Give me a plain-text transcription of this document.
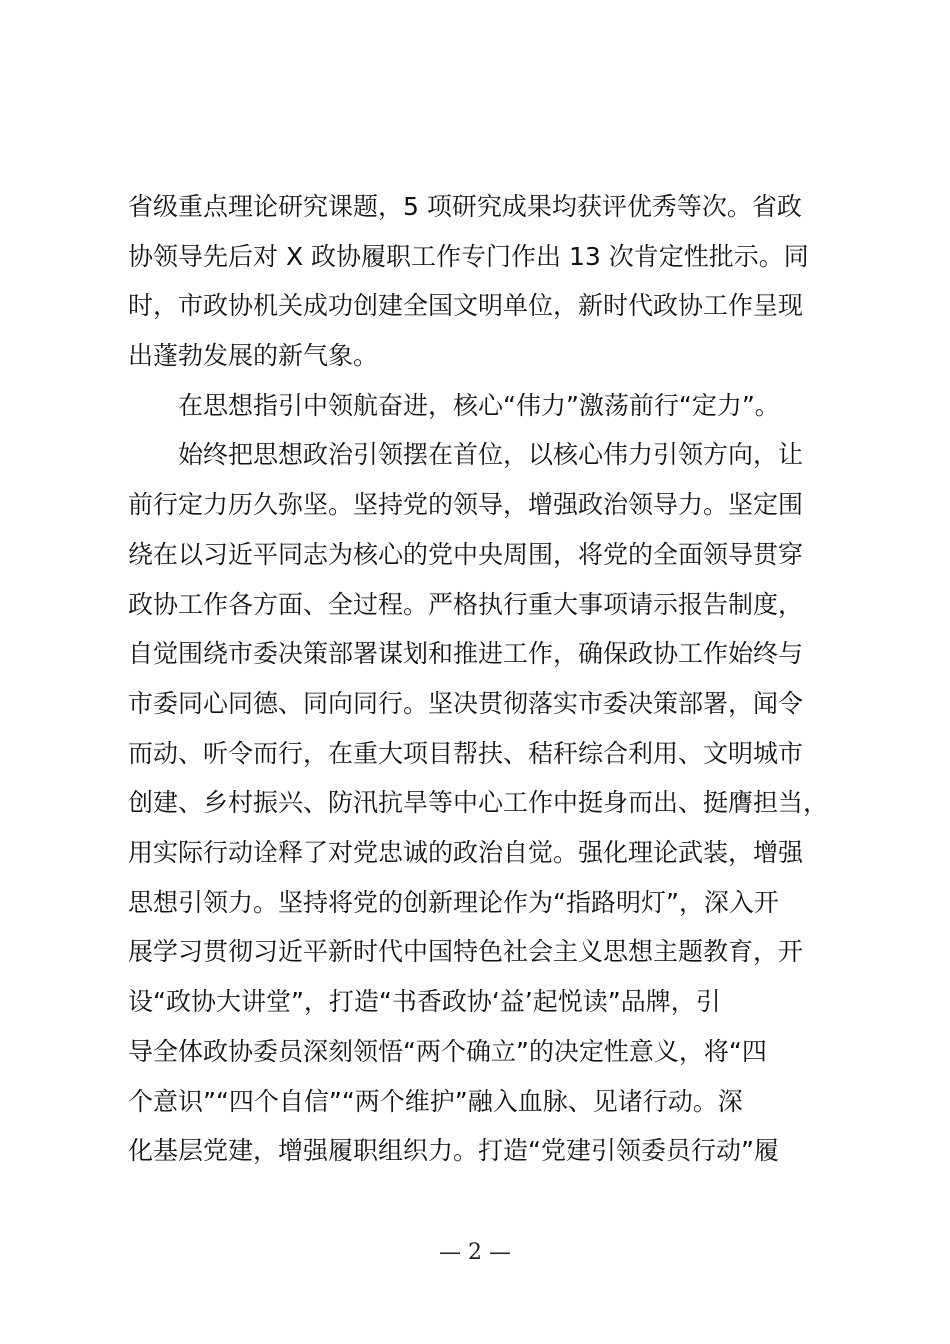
省级重点理论研究课题，5 项研究成果均获评优秀等次。省政
协领导先后对 X 政协履职工作专门作出 13 次肯定性批示。同
时，市政协机关成功创建全国文明单位，新时代政协工作呈现
出蓬勃发展的新气象。
在思想指引中领航奋进，核心“伟力”激荡前行“定力”。
始终把思想政治引领摆在首位，以核心伟力引领方向，让
前行定力历久弥坚。坚持党的领导，增强政治领导力。坚定围
绕在以习近平同志为核心的党中央周围，将党的全面领导贯穿
政协工作各方面、全过程。严格执行重大事项请示报告制度，
自觉围绕市委决策部署谋划和推进工作，确保政协工作始终与
市委同心同德、同向同行。坚决贯彻落实市委决策部署，闻令
而动、听令而行，在重大项目帮扶、秸秆综合利用、文明城市
创建、乡村振兴、防汛抗旱等中心工作中挺身而出、挺膺担当，
用实际行动诠释了对党忠诚的政治自觉。强化理论武装，增强
思想引领力。坚持将党的创新理论作为“指路明灯”，深入开
展学习贯彻习近平新时代中国特色社会主义思想主题教育，开
设“政协大讲堂”，打造“书香政协‘益’起悦读”品牌，引
导全体政协委员深刻领悟“两个确立”的决定性意义，将“四
个意识”“四个自信”“两个维护”融入血脉、见诸行动。深
化基层党建，增强履职组织力。打造“党建引领委员行动”履
— 2 —
